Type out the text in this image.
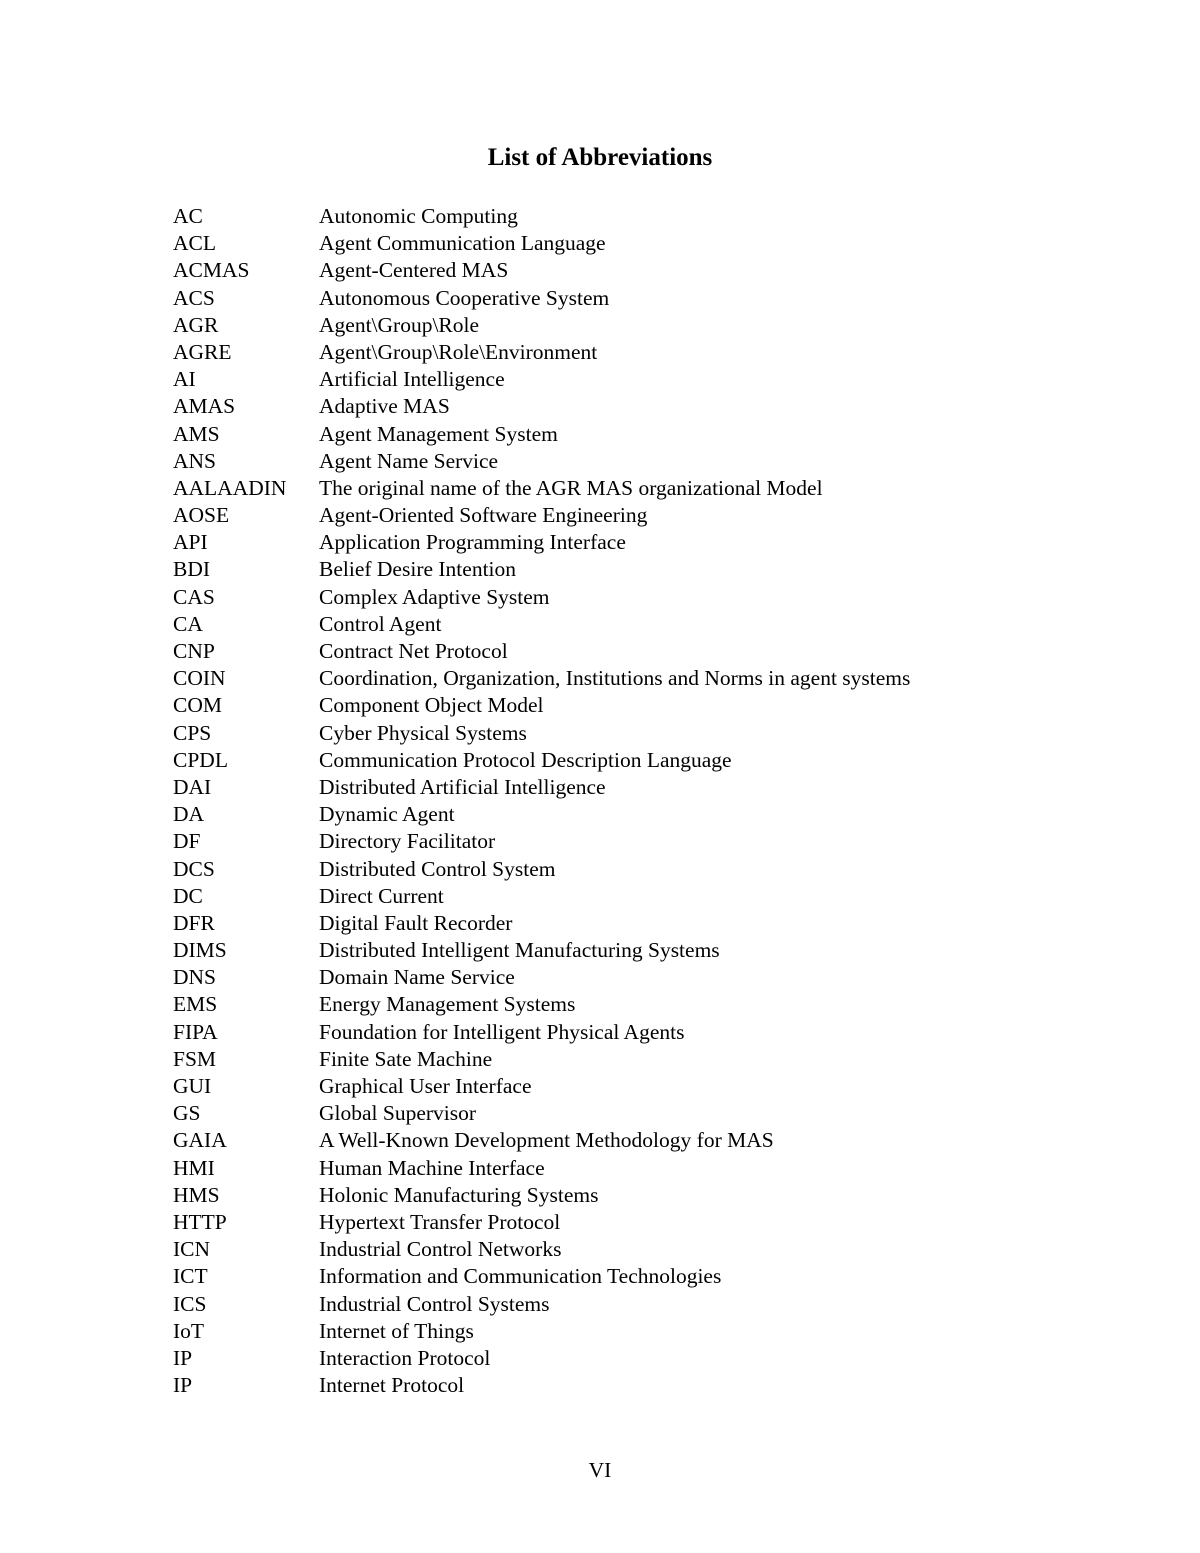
List of Abbreviations
AC	Autonomic Computing
ACL	Agent Communication Language
ACMAS	Agent-Centered MAS
ACS	Autonomous Cooperative System
AGR	Agent\Group\Role
AGRE	Agent\Group\Role\Environment
AI	Artificial Intelligence
AMAS	Adaptive MAS
AMS	Agent Management System
ANS	Agent Name Service
AALAADIN	The original name of the AGR MAS organizational Model
AOSE	Agent-Oriented Software Engineering
API	Application Programming Interface
BDI	Belief Desire Intention
CAS	Complex Adaptive System
CA	Control Agent
CNP	Contract Net Protocol
COIN	Coordination, Organization, Institutions and Norms in agent systems
COM	Component Object Model
CPS	Cyber Physical Systems
CPDL	Communication Protocol Description Language
DAI	Distributed Artificial Intelligence
DA	Dynamic Agent
DF	Directory Facilitator
DCS	Distributed Control System
DC	Direct Current
DFR	Digital Fault Recorder
DIMS	Distributed Intelligent Manufacturing Systems
DNS	Domain Name Service
EMS	Energy Management Systems
FIPA	Foundation for Intelligent Physical Agents
FSM	Finite Sate Machine
GUI	Graphical User Interface
GS	Global Supervisor
GAIA	A Well-Known Development Methodology for MAS
HMI	Human Machine Interface
HMS	Holonic Manufacturing Systems
HTTP	Hypertext Transfer Protocol
ICN	Industrial Control Networks
ICT	Information and Communication Technologies
ICS	Industrial Control Systems
IoT	Internet of Things
IP	Interaction Protocol
IP	Internet Protocol
VI
